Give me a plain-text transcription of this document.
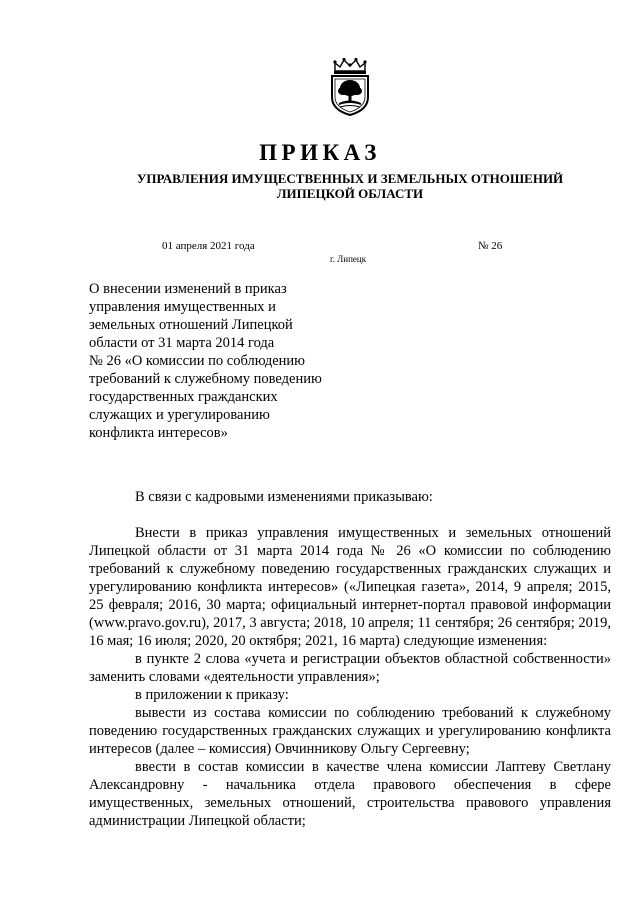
ПРИКАЗ
УПРАВЛЕНИЯ ИМУЩЕСТВЕННЫХ И ЗЕМЕЛЬНЫХ ОТНОШЕНИЙ
ЛИПЕЦКОЙ ОБЛАСТИ
01 апреля 2021 года	№ 26
г. Липецк
О внесении изменений в приказ
управления имущественных и
земельных отношений Липецкой
области от 31 марта 2014 года
№ 26 «О комиссии по соблюдению
требований к служебному поведению
государственных гражданских
служащих и урегулированию
конфликта интересов»
В связи с кадровыми изменениями приказываю:

Внести в приказ управления имущественных и земельных отношений Липецкой области от 31 марта 2014 года № 26 «О комиссии по соблюдению требований к служебному поведению государственных гражданских служащих и урегулированию конфликта интересов» («Липецкая газета», 2014, 9 апреля; 2015, 25 февраля; 2016, 30 марта; официальный интернет-портал правовой информации (www.pravo.gov.ru), 2017, 3 августа; 2018, 10 апреля; 11 сентября; 26 сентября; 2019, 16 мая; 16 июля; 2020, 20 октября; 2021, 16 марта) следующие изменения:

в пункте 2 слова «учета и регистрации объектов областной собственности» заменить словами «деятельности управления»;

в приложении к приказу:

вывести из состава комиссии по соблюдению требований к служебному поведению государственных гражданских служащих и урегулированию конфликта интересов (далее – комиссия) Овчинникову Ольгу Сергеевну;

ввести в состав комиссии в качестве члена комиссии Лаптеву Светлану Александровну - начальника отдела правового обеспечения в сфере имущественных, земельных отношений, строительства правового управления администрации Липецкой области;
